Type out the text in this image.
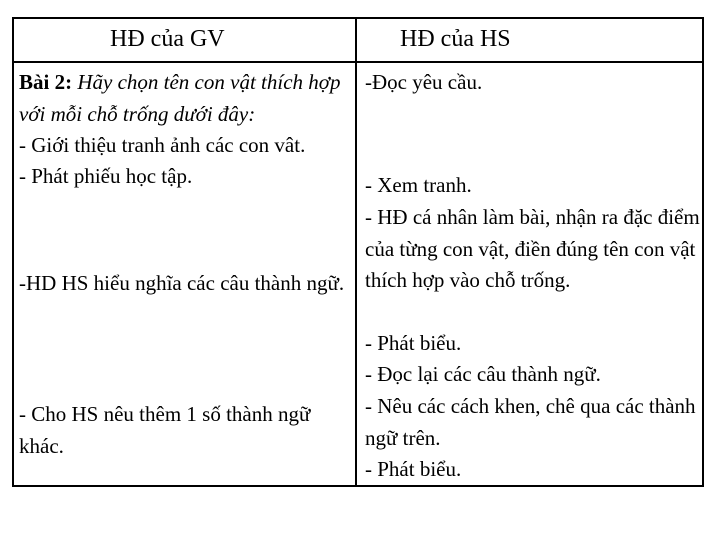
HĐ của GV	HĐ của HS
Bài 2: Hãy chọn tên con vật thích hợp với mỗi chỗ trống dưới đây:
- Giới thiệu tranh ảnh các con vât.
- Phát phiếu học tập.
-HD HS hiểu nghĩa các câu thành ngữ.
- Cho HS nêu thêm 1 số thành ngữ khác.
-Đọc yêu cầu.
- Xem tranh.
- HĐ cá nhân làm bài, nhận ra đặc điểm của từng con vật, điền đúng tên con vật thích hợp vào chỗ trống.
- Phát biểu.
- Đọc lại các câu thành ngữ.
- Nêu các cách khen, chê qua các thành ngữ trên.
- Phát biểu.
